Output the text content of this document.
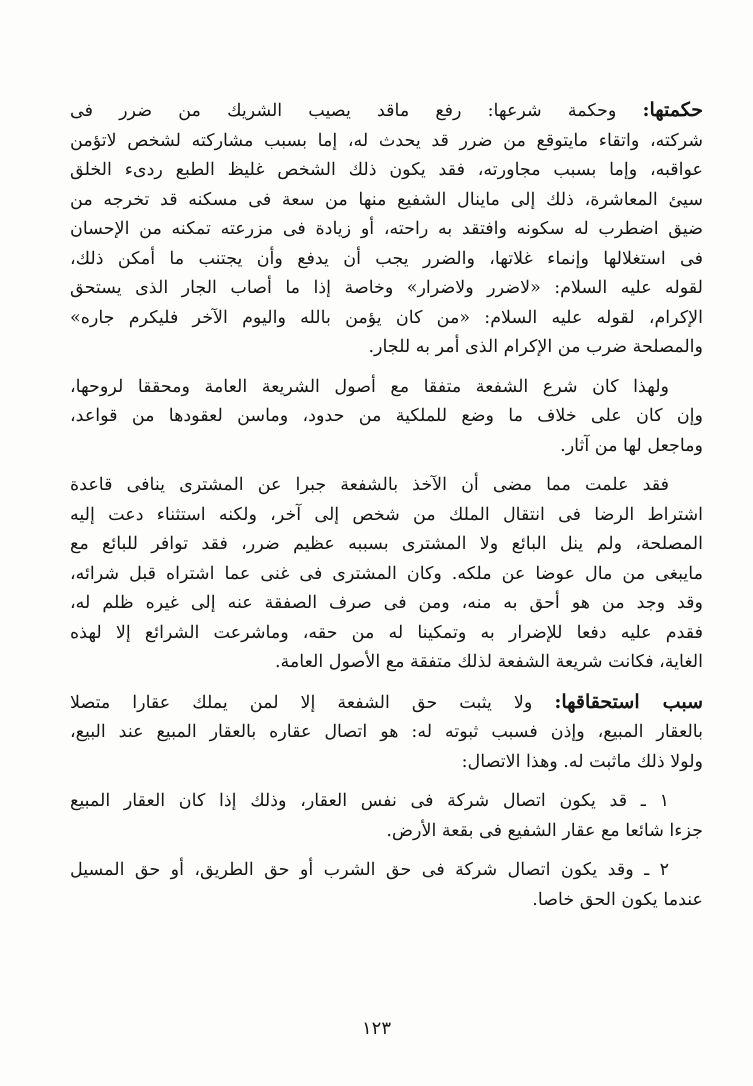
حكمتها: وحكمة شرعها: رفع ماقد يصيب الشريك من ضرر فى
شركته، واتقاء مايتوقع من ضرر قد يحدث له، إما بسبب مشاركته لشخص لاتؤمن
عواقبه، وإما بسبب مجاورته، فقد يكون ذلك الشخص غليظ الطبع ردىء الخلق
سيئ المعاشرة، ذلك إلى ماينال الشفيع منها من سعة فى مسكنه قد تخرجه من
ضيق اضطرب له سكونه وافتقد به راحته، أو زيادة فى مزرعته تمكنه من الإحسان
فى استغلالها وإنماء غلاتها، والضرر يجب أن يدفع وأن يجتنب ما أمكن ذلك،
لقوله عليه السلام: «لاضرر ولاضرار» وخاصة إذا ما أصاب الجار الذى يستحق
الإكرام، لقوله عليه السلام: «من كان يؤمن بالله واليوم الآخر فليكرم جاره»
والمصلحة ضرب من الإكرام الذى أمر به للجار.
ولهذا كان شرع الشفعة متفقا مع أصول الشريعة العامة ومحققا لروحها،
وإن كان على خلاف ما وضع للملكية من حدود، وماسن لعقودها من قواعد،
وماجعل لها من آثار.
فقد علمت مما مضى أن الآخذ بالشفعة جبرا عن المشترى ينافى قاعدة
اشتراط الرضا فى انتقال الملك من شخص إلى آخر، ولكنه استثناء دعت إليه
المصلحة، ولم ينل البائع ولا المشترى بسببه عظيم ضرر، فقد توافر للبائع مع
مايبغى من مال عوضا عن ملكه. وكان المشترى فى غنى عما اشتراه قبل شرائه،
وقد وجد من هو أحق به منه، ومن فى صرف الصفقة عنه إلى غيره ظلم له،
فقدم عليه دفعا للإضرار به وتمكينا له من حقه، وماشرعت الشرائع إلا لهذه
الغاية، فكانت شريعة الشفعة لذلك متفقة مع الأصول العامة.
سبب استحقاقها: ولا يثبت حق الشفعة إلا لمن يملك عقارا متصلا
بالعقار المبيع، وإذن فسبب ثبوته له: هو اتصال عقاره بالعقار المبيع عند البيع،
ولولا ذلك ماثبت له. وهذا الاتصال:
١ ـ قد يكون اتصال شركة فى نفس العقار، وذلك إذا كان العقار المبيع
جزءا شائعا مع عقار الشفيع فى بقعة الأرض.
٢ ـ وقد يكون اتصال شركة فى حق الشرب أو حق الطريق، أو حق المسيل
عندما يكون الحق خاصا.
١٢٣
